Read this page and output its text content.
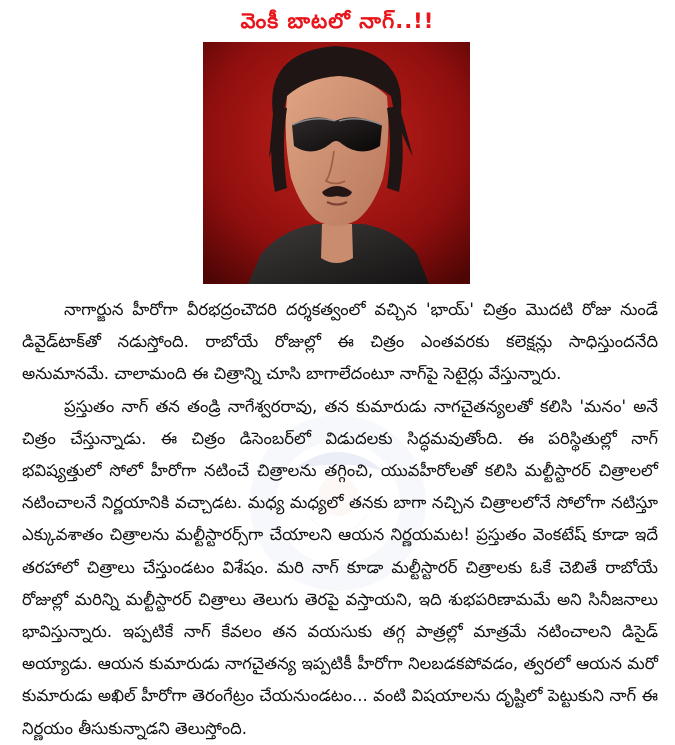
వెంకీ బాటలో నాగ్..!!

నాగార్జున హీరోగా వీరభద్రంచౌదరి దర్శకత్వంలో వచ్చిన 'భాయ్' చిత్రం మొదటి రోజు నుండే డివైడ్‌టాక్‌తో నడుస్తోంది. రాబోయే రోజుల్లో ఈ చిత్రం ఎంతవరకు కలెక్షన్లు సాధిస్తుందనేది అనుమానమే. చాలామంది ఈ చిత్రాన్ని చూసి బాగాలేదంటూ నాగ్‌పై సెటైర్లు వేస్తున్నారు.

ప్రస్తుతం నాగ్ తన తండ్రి నాగేశ్వరరావు, తన కుమారుడు నాగచైతన్యలతో కలిసి 'మనం' అనే చిత్రం చేస్తున్నాడు. ఈ చిత్రం డిసెంబర్‌లో విడుదలకు సిద్ధమవుతోంది. ఈ పరిస్థితుల్లో నాగ్ భవిష్యత్తులో సోలో హీరోగా నటించే చిత్రాలను తగ్గించి, యువహీరోలతో కలిసి మల్టీస్టారర్ చిత్రాలలో నటించాలనే నిర్ణయానికి వచ్చాడట. మధ్య మధ్యలో తనకు బాగా నచ్చిన చిత్రాలలోనే సోలోగా నటిస్తూ ఎక్కువశాతం చిత్రాలను మల్టీస్టారర్స్‌గా చేయాలని ఆయన నిర్ణయమట! ప్రస్తుతం వెంకటేష్ కూడా ఇదే తరహాలో చిత్రాలు చేస్తుండటం విశేషం. మరి నాగ్ కూడా మల్టీస్టారర్ చిత్రాలకు ఓకే చెబితే రాబోయే రోజుల్లో మరిన్ని మల్టీస్టారర్ చిత్రాలు తెలుగు తెరపై వస్తాయని, ఇది శుభపరిణామమే అని సినీజనాలు భావిస్తున్నారు. ఇప్పటికే నాగ్ కేవలం తన వయసుకు తగ్గ పాత్రల్లో మాత్రమే నటించాలని డిసైడ్ అయ్యాడు. ఆయన కుమారుడు నాగచైతన్య ఇప్పటికీ హీరోగా నిలబడకపోవడం, త్వరలో ఆయన మరో కుమారుడు అఖిల్ హీరోగా తెరంగేట్రం చేయనుండటం... వంటి విషయాలను దృష్టిలో పెట్టుకుని నాగ్ ఈ నిర్ణయం తీసుకున్నాడని తెలుస్తోంది.
